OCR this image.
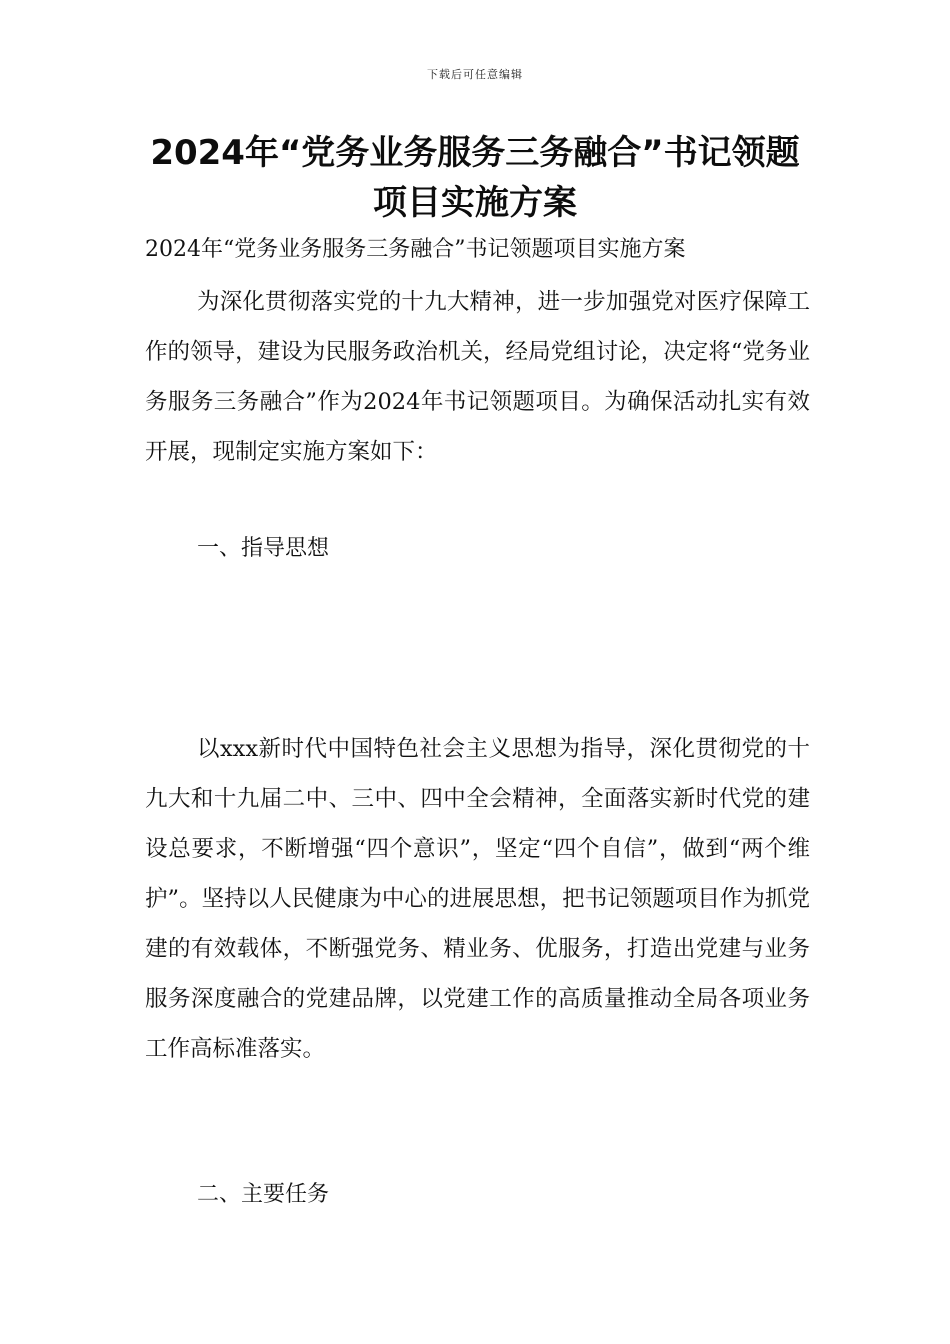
下载后可任意编辑
2024年“党务业务服务三务融合”书记领题项目实施方案
2024年“党务业务服务三务融合”书记领题项目实施方案

为深化贯彻落实党的十九大精神，进一步加强党对医疗保障工作的领导，建设为民服务政治机关，经局党组讨论，决定将“党务业务服务三务融合”作为2024年书记领题项目。为确保活动扎实有效开展，现制定实施方案如下：

一、指导思想

以xxx新时代中国特色社会主义思想为指导，深化贯彻党的十九大和十九届二中、三中、四中全会精神，全面落实新时代党的建设总要求，不断增强“四个意识”，坚定“四个自信”，做到“两个维护”。坚持以人民健康为中心的进展思想，把书记领题项目作为抓党建的有效载体，不断强党务、精业务、优服务，打造出党建与业务服务深度融合的党建品牌，以党建工作的高质量推动全局各项业务工作高标准落实。

二、主要任务
